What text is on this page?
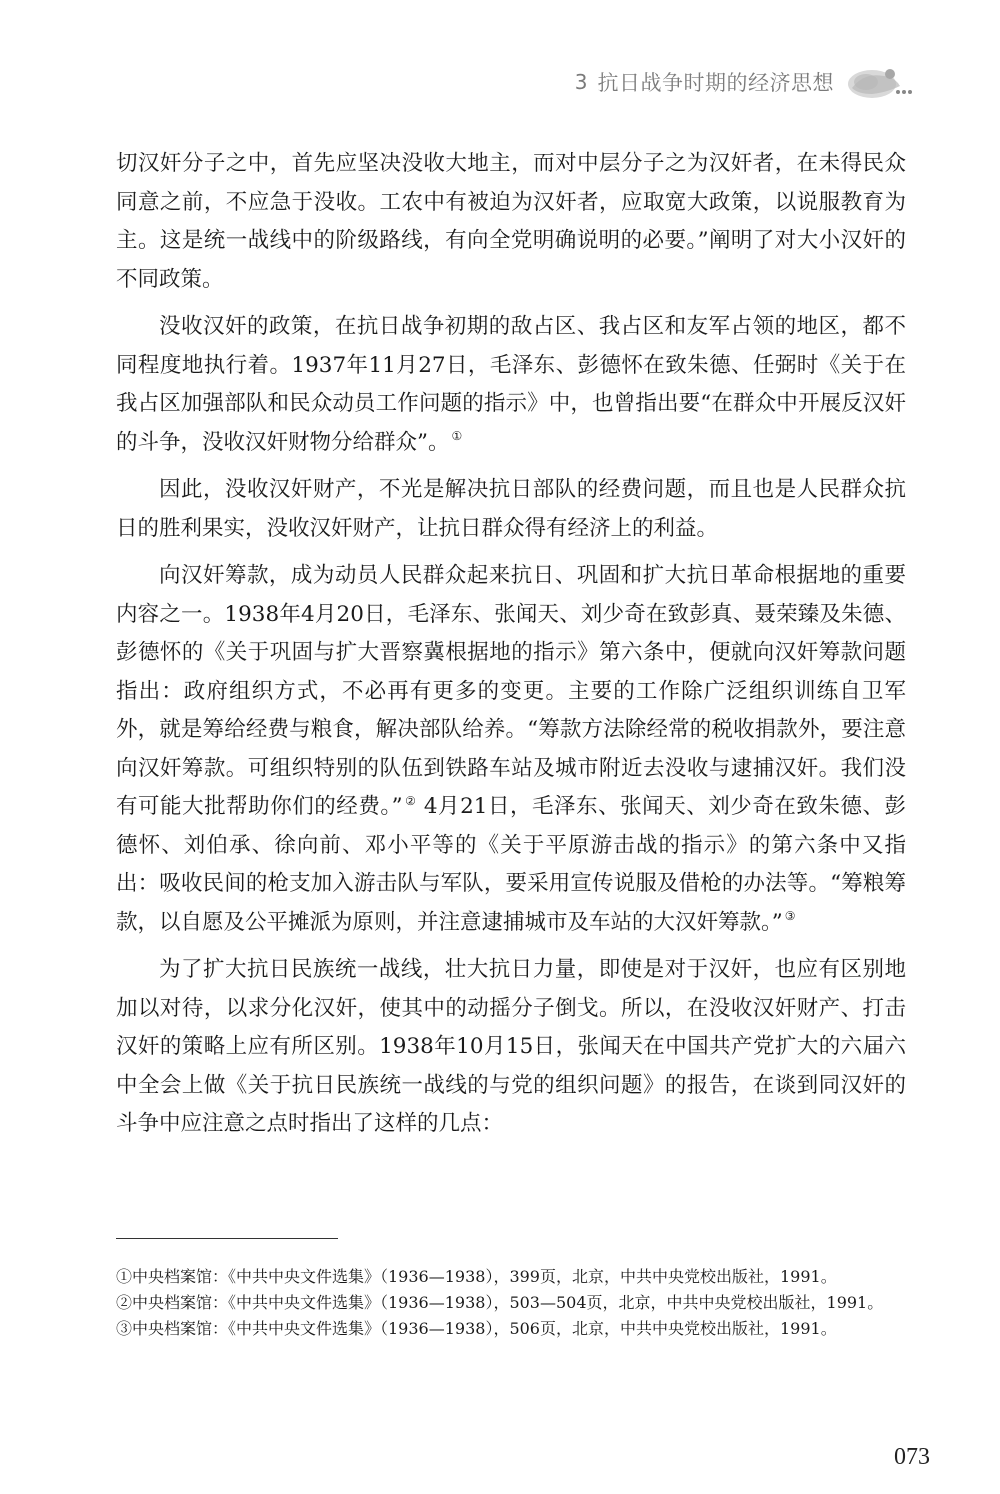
3 抗日战争时期的经济思想

切汉奸分子之中，首先应坚决没收大地主，而对中层分子之为汉奸者，在未得民众同意之前，不应急于没收。工农中有被迫为汉奸者，应取宽大政策，以说服教育为主。这是统一战线中的阶级路线，有向全党明确说明的必要。”阐明了对大小汉奸的不同政策。

没收汉奸的政策，在抗日战争初期的敌占区、我占区和友军占领的地区，都不同程度地执行着。1937年11月27日，毛泽东、彭德怀在致朱德、任弼时《关于在我占区加强部队和民众动员工作问题的指示》中，也曾指出要“在群众中开展反汉奸的斗争，没收汉奸财物分给群众”。 ①

因此，没收汉奸财产，不光是解决抗日部队的经费问题，而且也是人民群众抗日的胜利果实，没收汉奸财产，让抗日群众得有经济上的利益。

向汉奸筹款，成为动员人民群众起来抗日、巩固和扩大抗日革命根据地的重要内容之一。1938年4月20日，毛泽东、张闻天、刘少奇在致彭真、聂荣臻及朱德、彭德怀的《关于巩固与扩大晋察冀根据地的指示》第六条中，便就向汉奸筹款问题指出：政府组织方式，不必再有更多的变更。主要的工作除广泛组织训练自卫军外，就是筹给经费与粮食，解决部队给养。“筹款方法除经常的税收捐款外，要注意向汉奸筹款。可组织特别的队伍到铁路车站及城市附近去没收与逮捕汉奸。我们没有可能大批帮助你们的经费。” ② 4月21日，毛泽东、张闻天、刘少奇在致朱德、彭德怀、刘伯承、徐向前、邓小平等的《关于平原游击战的指示》的第六条中又指出：吸收民间的枪支加入游击队与军队，要采用宣传说服及借枪的办法等。“筹粮筹款，以自愿及公平摊派为原则，并注意逮捕城市及车站的大汉奸筹款。” ③

为了扩大抗日民族统一战线，壮大抗日力量，即使是对于汉奸，也应有区别地加以对待，以求分化汉奸，使其中的动摇分子倒戈。所以，在没收汉奸财产、打击汉奸的策略上应有所区别。1938年10月15日，张闻天在中国共产党扩大的六届六中全会上做《关于抗日民族统一战线的与党的组织问题》的报告，在谈到同汉奸的斗争中应注意之点时指出了这样的几点：

①中央档案馆：《中共中央文件选集》（1936—1938），399页，北京，中共中央党校出版社，1991。

②中央档案馆：《中共中央文件选集》（1936—1938），503—504页，北京，中共中央党校出版社，1991。

③中央档案馆：《中共中央文件选集》（1936—1938），506页，北京，中共中央党校出版社，1991。

073
